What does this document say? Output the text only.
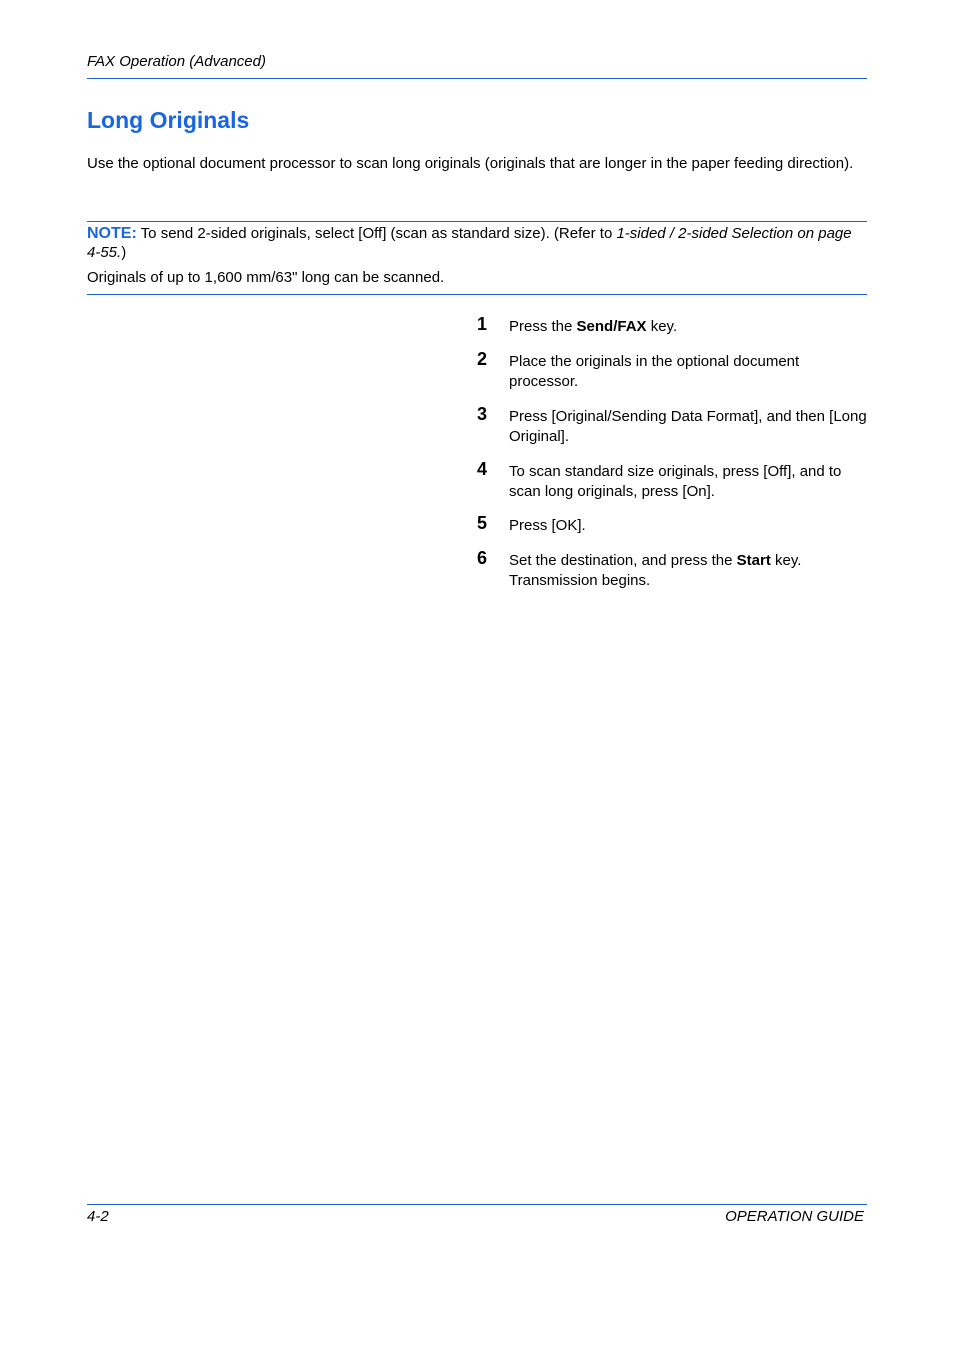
FAX Operation (Advanced)
Long Originals

Use the optional document processor to scan long originals (originals that are longer in the paper feeding direction).

NOTE: To send 2-sided originals, select [Off] (scan as standard size). (Refer to 1-sided / 2-sided Selection on page 4-55.)

Originals of up to 1,600 mm/63" long can be scanned.

1 Press the Send/FAX key.
2 Place the originals in the optional document processor.
3 Press [Original/Sending Data Format], and then [Long Original].
4 To scan standard size originals, press [Off], and to scan long originals, press [On].
5 Press [OK].
6 Set the destination, and press the Start key. Transmission begins.
4-2	OPERATION GUIDE
